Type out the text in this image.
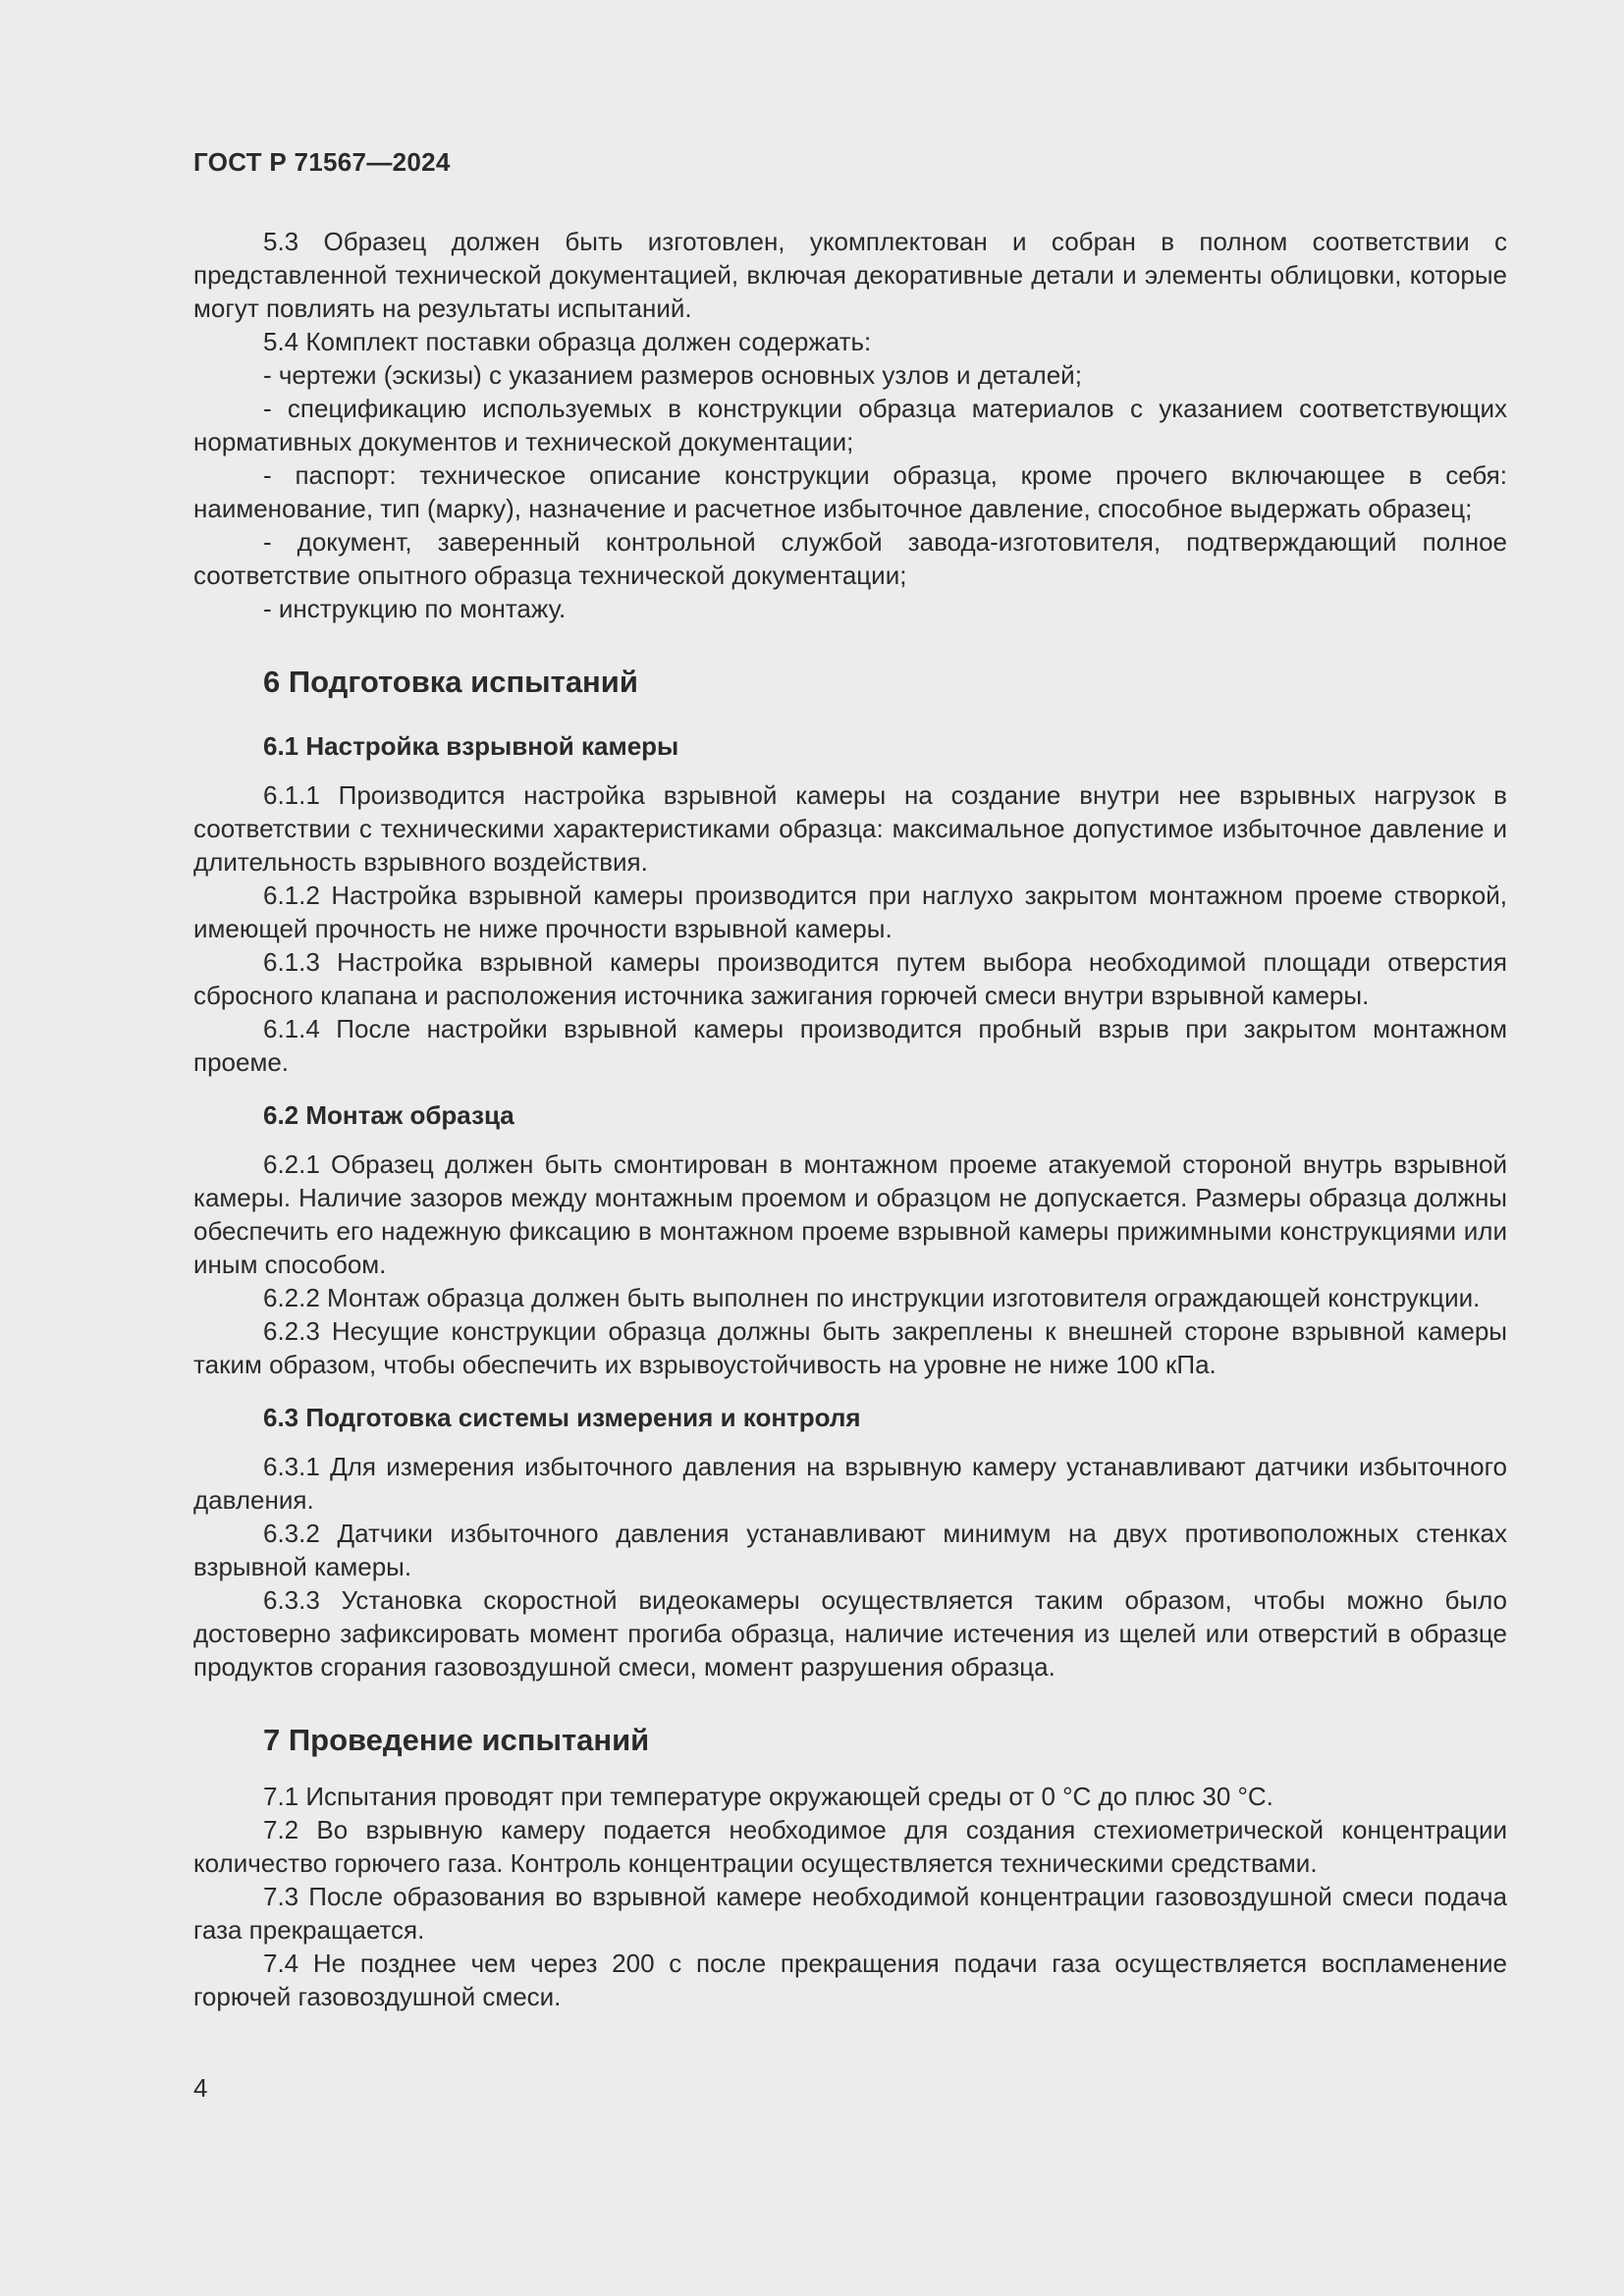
ГОСТ Р 71567—2024

5.3 Образец должен быть изготовлен, укомплектован и собран в полном соответствии с представленной технической документацией, включая декоративные детали и элементы облицовки, которые могут повлиять на результаты испытаний.

5.4 Комплект поставки образца должен содержать:

- чертежи (эскизы) с указанием размеров основных узлов и деталей;

- спецификацию используемых в конструкции образца материалов с указанием соответствующих нормативных документов и технической документации;

- паспорт: техническое описание конструкции образца, кроме прочего включающее в себя: наименование, тип (марку), назначение и расчетное избыточное давление, способное выдержать образец;

- документ, заверенный контрольной службой завода-изготовителя, подтверждающий полное соответствие опытного образца технической документации;

- инструкцию по монтажу.

6 Подготовка испытаний
6.1 Настройка взрывной камеры

6.1.1 Производится настройка взрывной камеры на создание внутри нее взрывных нагрузок в соответствии с техническими характеристиками образца: максимальное допустимое избыточное давление и длительность взрывного воздействия.

6.1.2 Настройка взрывной камеры производится при наглухо закрытом монтажном проеме створкой, имеющей прочность не ниже прочности взрывной камеры.

6.1.3 Настройка взрывной камеры производится путем выбора необходимой площади отверстия сбросного клапана и расположения источника зажигания горючей смеси внутри взрывной камеры.

6.1.4 После настройки взрывной камеры производится пробный взрыв при закрытом монтажном проеме.

6.2 Монтаж образца

6.2.1 Образец должен быть смонтирован в монтажном проеме атакуемой стороной внутрь взрывной камеры. Наличие зазоров между монтажным проемом и образцом не допускается. Размеры образца должны обеспечить его надежную фиксацию в монтажном проеме взрывной камеры прижимными конструкциями или иным способом.

6.2.2 Монтаж образца должен быть выполнен по инструкции изготовителя ограждающей конструкции.

6.2.3 Несущие конструкции образца должны быть закреплены к внешней стороне взрывной камеры таким образом, чтобы обеспечить их взрывоустойчивость на уровне не ниже 100 кПа.

6.3 Подготовка системы измерения и контроля

6.3.1 Для измерения избыточного давления на взрывную камеру устанавливают датчики избыточного давления.

6.3.2 Датчики избыточного давления устанавливают минимум на двух противоположных стенках взрывной камеры.

6.3.3 Установка скоростной видеокамеры осуществляется таким образом, чтобы можно было достоверно зафиксировать момент прогиба образца, наличие истечения из щелей или отверстий в образце продуктов сгорания газовоздушной смеси, момент разрушения образца.

7 Проведение испытаний

7.1 Испытания проводят при температуре окружающей среды от 0 °С до плюс 30 °С.

7.2 Во взрывную камеру подается необходимое для создания стехиометрической концентрации количество горючего газа. Контроль концентрации осуществляется техническими средствами.

7.3 После образования во взрывной камере необходимой концентрации газовоздушной смеси подача газа прекращается.

7.4 Не позднее чем через 200 с после прекращения подачи газа осуществляется воспламенение горючей газовоздушной смеси.

4
